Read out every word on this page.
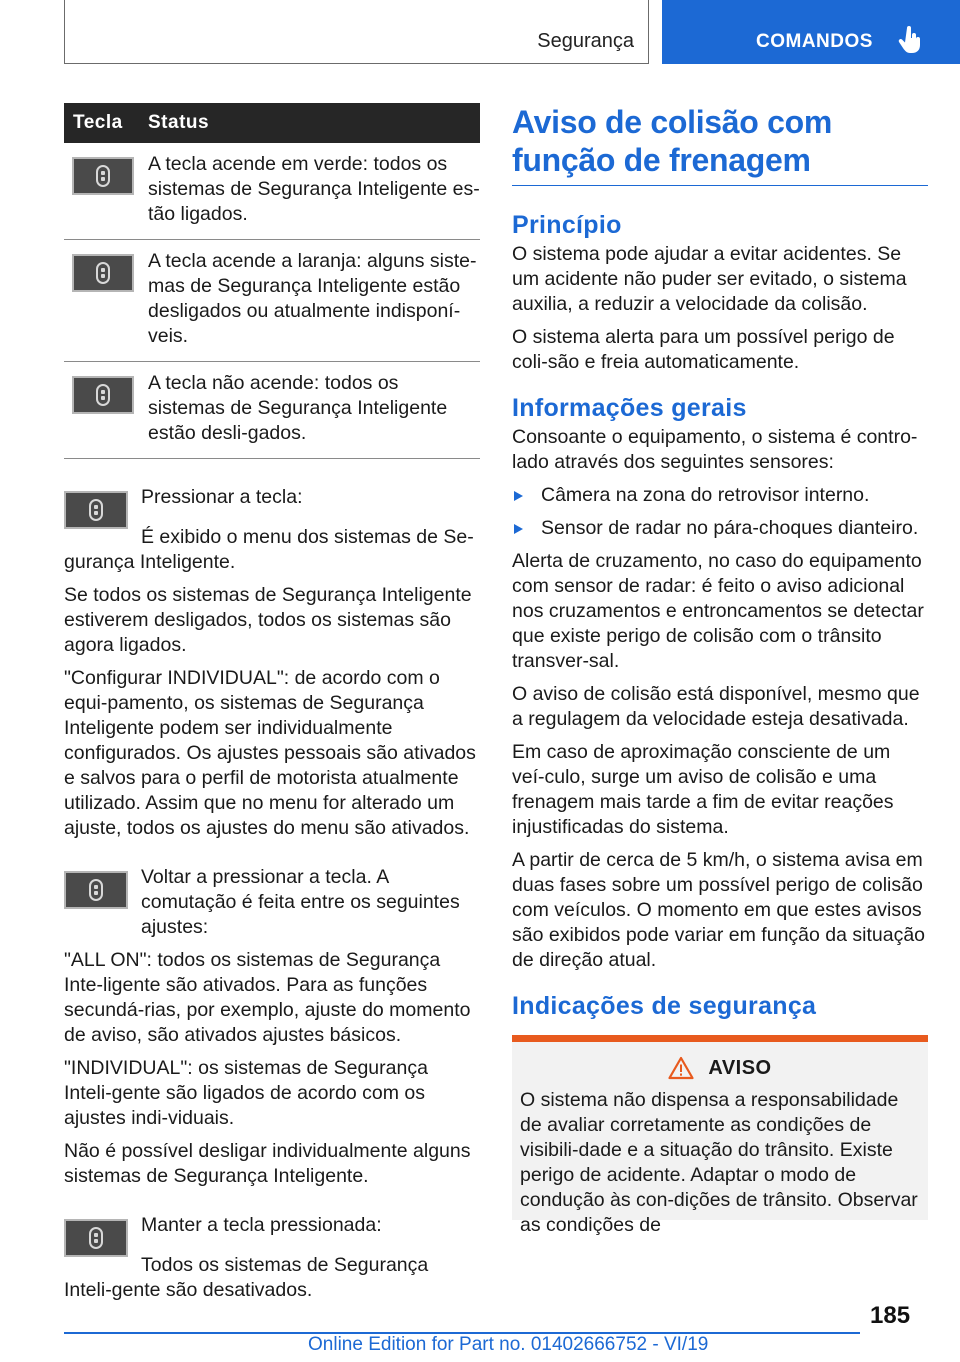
Segurança	COMANDOS
Tecla	Status

	A tecla acende em verde: todos os sistemas de Segurança Inteligente es-tão ligados.

	A tecla acende a laranja: alguns siste-mas de Segurança Inteligente estão desligados ou atualmente indisponí-veis.

	A tecla não acende: todos os sistemas de Segurança Inteligente estão desli-gados.

Pressionar a tecla:

É exibido o menu dos sistemas de Se-gurança Inteligente.

Se todos os sistemas de Segurança Inteligente estiverem desligados, todos os sistemas são agora ligados.

"Configurar INDIVIDUAL": de acordo com o equi-pamento, os sistemas de Segurança Inteligente podem ser individualmente configurados. Os ajustes pessoais são ativados e salvos para o perfil de motorista atualmente utilizado. Assim que no menu for alterado um ajuste, todos os ajustes do menu são ativados.

Voltar a pressionar a tecla. A comutação é feita entre os seguintes ajustes:

"ALL ON": todos os sistemas de Segurança Inte-ligente são ativados. Para as funções secundá-rias, por exemplo, ajuste do momento de aviso, são ativados ajustes básicos.

"INDIVIDUAL": os sistemas de Segurança Inteli-gente são ligados de acordo com os ajustes indi-viduais.

Não é possível desligar individualmente alguns sistemas de Segurança Inteligente.

Manter a tecla pressionada:

Todos os sistemas de Segurança Inteli-gente são desativados.

Aviso de colisão com função de frenagem
Princípio

O sistema pode ajudar a evitar acidentes. Se um acidente não puder ser evitado, o sistema auxilia, a reduzir a velocidade da colisão.

O sistema alerta para um possível perigo de coli-são e freia automaticamente.

Informações gerais

Consoante o equipamento, o sistema é contro-lado através dos seguintes sensores:

Câmera na zona do retrovisor interno.
Sensor de radar no pára-choques dianteiro.

Alerta de cruzamento, no caso do equipamento com sensor de radar: é feito o aviso adicional nos cruzamentos e entroncamentos se detectar que existe perigo de colisão com o trânsito transver-sal.

O aviso de colisão está disponível, mesmo que a regulagem da velocidade esteja desativada.

Em caso de aproximação consciente de um veí-culo, surge um aviso de colisão e uma frenagem mais tarde a fim de evitar reações injustificadas do sistema.

A partir de cerca de 5 km/h, o sistema avisa em duas fases sobre um possível perigo de colisão com veículos. O momento em que estes avisos são exibidos pode variar em função da situação de direção atual.

Indicações de segurança
AVISO

O sistema não dispensa a responsabilidade de avaliar corretamente as condições de visibili-dade e a situação do trânsito. Existe perigo de acidente. Adaptar o modo de condução às con-dições de trânsito. Observar as condições de

185
Online Edition for Part no. 01402666752 - VI/19
